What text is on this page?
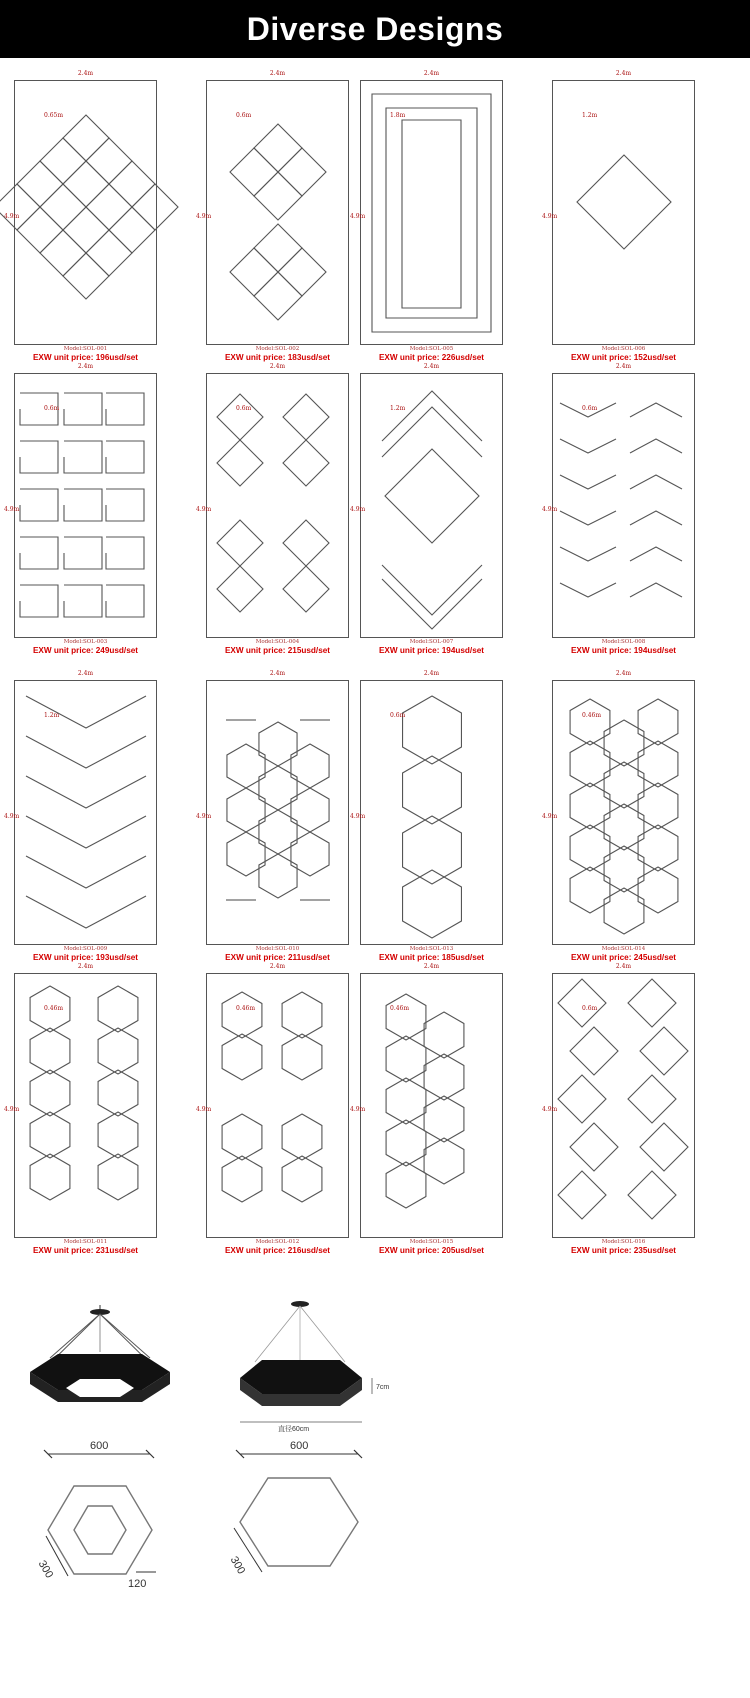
Diverse Designs
2.4m
4.9m
0.65m
Model:SOL-001
EXW unit price: 196usd/set
2.4m
4.9m
0.6m
Model:SOL-002
EXW unit price: 183usd/set
2.4m
4.9m
1.8m
Model:SOL-005
EXW unit price: 226usd/set
2.4m
4.9m
1.2m
Model:SOL-006
EXW unit price: 152usd/set
2.4m
4.9m
0.6m
Model:SOL-003
EXW unit price: 249usd/set
2.4m
4.9m
0.6m
Model:SOL-004
EXW unit price: 215usd/set
2.4m
4.9m
1.2m
Model:SOL-007
EXW unit price: 194usd/set
2.4m
4.9m
0.6m
Model:SOL-008
EXW unit price: 194usd/set
2.4m
4.9m
1.2m
Model:SOL-009
EXW unit price: 193usd/set
2.4m
4.9m
Model:SOL-010
EXW unit price: 211usd/set
2.4m
4.9m
0.6m
Model:SOL-013
EXW unit price: 185usd/set
2.4m
4.9m
0.46m
Model:SOL-014
EXW unit price: 245usd/set
2.4m
4.9m
0.46m
Model:SOL-011
EXW unit price: 231usd/set
2.4m
4.9m
0.46m
Model:SOL-012
EXW unit price: 216usd/set
2.4m
4.9m
0.46m
Model:SOL-015
EXW unit price: 205usd/set
2.4m
4.9m
0.6m
Model:SOL-016
EXW unit price: 235usd/set
7cm
直径60cm
600
300
120
600
300
